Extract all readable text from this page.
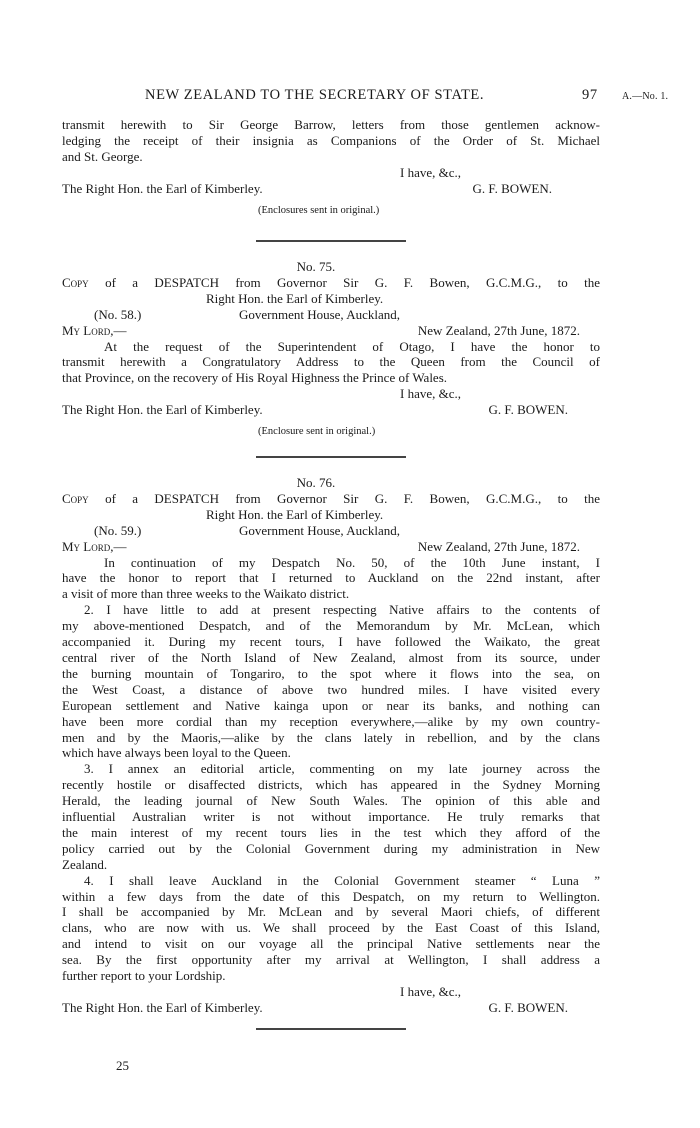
NEW ZEALAND TO THE SECRETARY OF STATE.	97 A.—No. 1.

transmit herewith to Sir George Barrow, letters from those gentlemen acknow-

ledging the receipt of their insignia as Companions of the Order of St. Michael

and St. George.

I have, &c.,

The Right Hon. the Earl of Kimberley.	G. F. BOWEN.

(Enclosures sent in original.)

No. 75.

Copy of a DESPATCH from Governor Sir G. F. Bowen, G.C.M.G., to the

Right Hon. the Earl of Kimberley.

(No. 58.)	Government House, Auckland,
My Lord,—	New Zealand, 27th June, 1872.

At the request of the Superintendent of Otago, I have the honor to

transmit herewith a Congratulatory Address to the Queen from the Council of

that Province, on the recovery of His Royal Highness the Prince of Wales.

I have, &c.,

The Right Hon. the Earl of Kimberley.	G. F. BOWEN.

(Enclosure sent in original.)

No. 76.

Copy of a DESPATCH from Governor Sir G. F. Bowen, G.C.M.G., to the

Right Hon. the Earl of Kimberley.

(No. 59.)	Government House, Auckland,
My Lord,—	New Zealand, 27th June, 1872.

In continuation of my Despatch No. 50, of the 10th June instant, I

have the honor to report that I returned to Auckland on the 22nd instant, after

a visit of more than three weeks to the Waikato district.

2. I have little to add at present respecting Native affairs to the contents of

my above-mentioned Despatch, and of the Memorandum by Mr. McLean, which

accompanied it. During my recent tours, I have followed the Waikato, the great

central river of the North Island of New Zealand, almost from its source, under

the burning mountain of Tongariro, to the spot where it flows into the sea, on

the West Coast, a distance of above two hundred miles. I have visited every

European settlement and Native kainga upon or near its banks, and nothing can

have been more cordial than my reception everywhere,—alike by my own country-

men and by the Maoris,—alike by the clans lately in rebellion, and by the clans

which have always been loyal to the Queen.

3. I annex an editorial article, commenting on my late journey across the

recently hostile or disaffected districts, which has appeared in the Sydney Morning

Herald, the leading journal of New South Wales. The opinion of this able and

influential Australian writer is not without importance. He truly remarks that

the main interest of my recent tours lies in the test which they afford of the

policy carried out by the Colonial Government during my administration in New

Zealand.

4. I shall leave Auckland in the Colonial Government steamer “ Luna ”

within a few days from the date of this Despatch, on my return to Wellington.

I shall be accompanied by Mr. McLean and by several Maori chiefs, of different

clans, who are now with us. We shall proceed by the East Coast of this Island,

and intend to visit on our voyage all the principal Native settlements near the

sea. By the first opportunity after my arrival at Wellington, I shall address a

further report to your Lordship.

I have, &c.,

The Right Hon. the Earl of Kimberley.	G. F. BOWEN.
25
